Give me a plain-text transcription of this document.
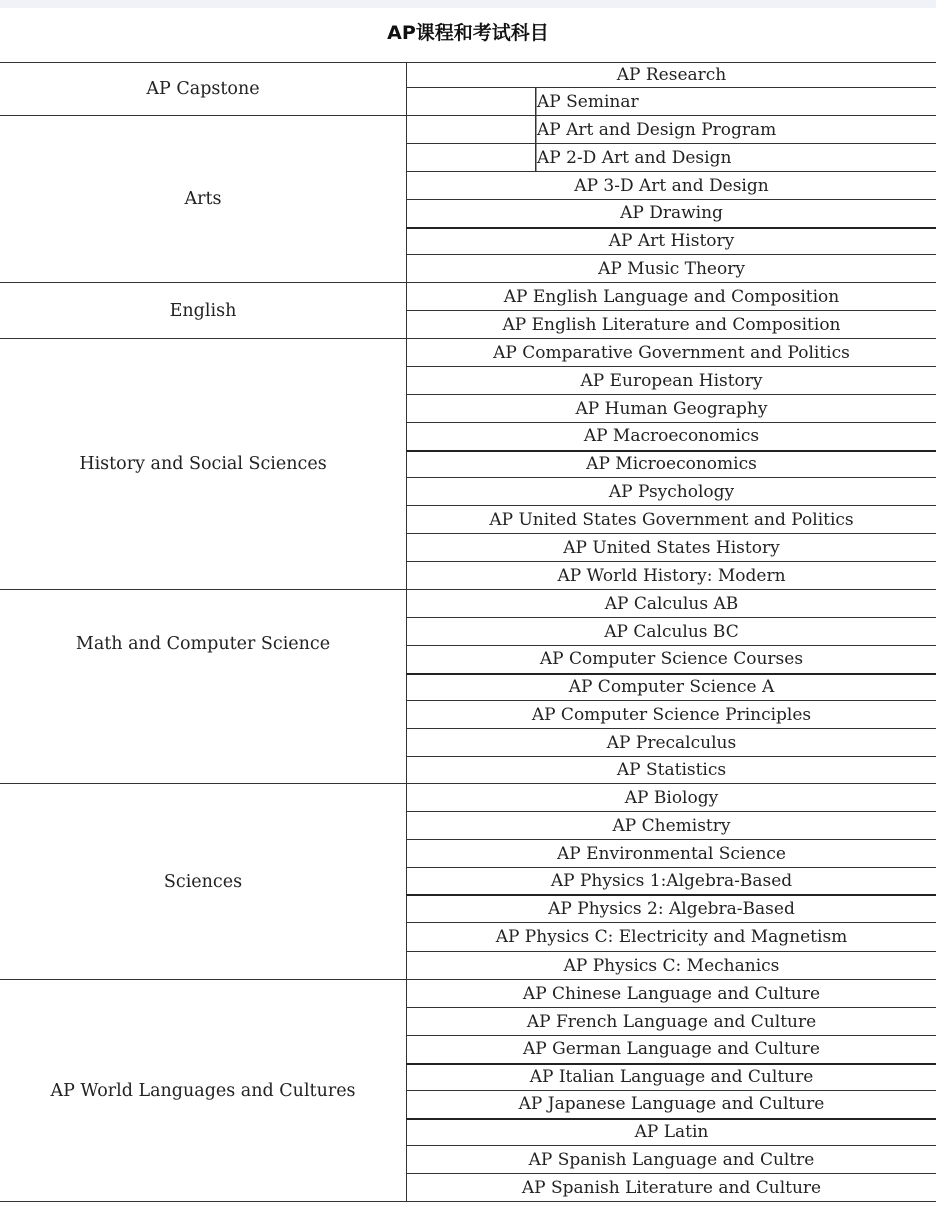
AP课程和考试科目
AP Capstone	AP Research
	AP Seminar
Arts	AP Art and Design Program
	AP 2-D Art and Design
	AP 3-D Art and Design
	AP Drawing
	AP Art History
	AP Music Theory
English	AP English Language and Composition
	AP English Literature and Composition
History and Social Sciences	AP Comparative Government and Politics
	AP European History
	AP Human Geography
	AP Macroeconomics
	AP Microeconomics
	AP Psychology
	AP United States Government and Politics
	AP United States History
	AP World History: Modern
Math and Computer Science	AP Calculus AB
	AP Calculus BC
	AP Computer Science Courses
	AP Computer Science A
	AP Computer Science Principles
	AP Precalculus
	AP Statistics
Sciences	AP Biology
	AP Chemistry
	AP Environmental Science
	AP Physics 1:Algebra-Based
	AP Physics 2: Algebra-Based
	AP Physics C: Electricity and Magnetism
	AP Physics C: Mechanics
AP World Languages and Cultures	AP Chinese Language and Culture
	AP French Language and Culture
	AP German Language and Culture
	AP Italian Language and Culture
	AP Japanese Language and Culture
	AP Latin
	AP Spanish Language and Cultre
	AP Spanish Literature and Culture
